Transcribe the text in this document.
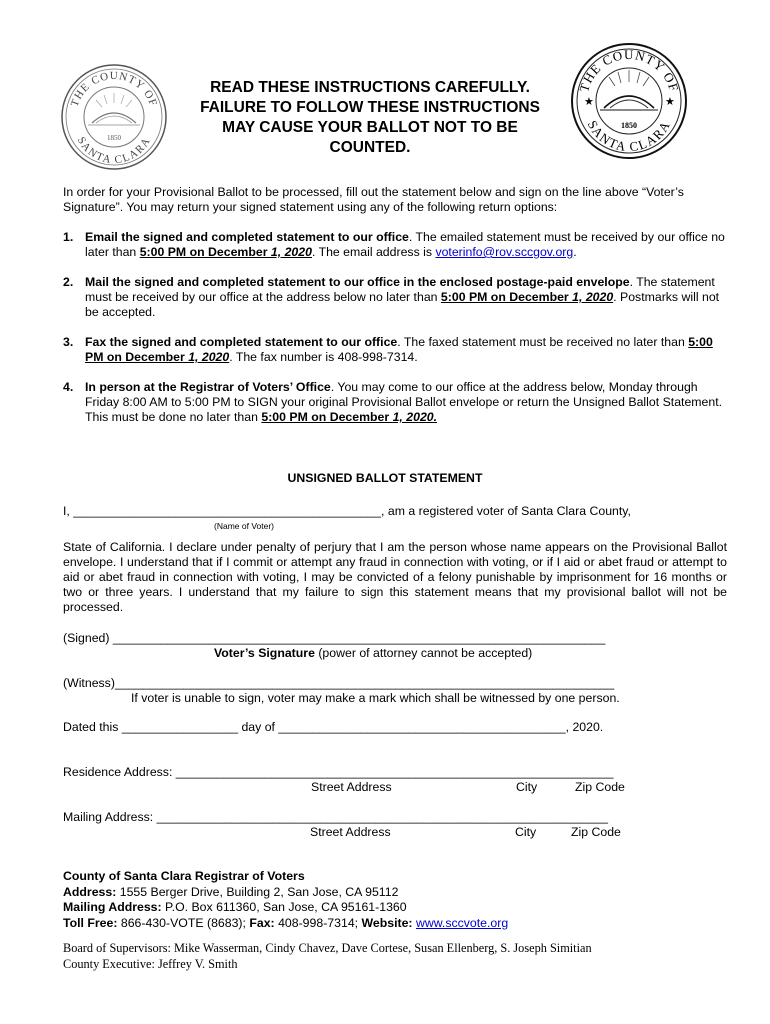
THE COUNTY OF
SANTA CLARA
1850
THE COUNTY OF
SANTA CLARA
★	★
1850
READ THESE INSTRUCTIONS CAREFULLY.
FAILURE TO FOLLOW THESE INSTRUCTIONS
MAY CAUSE YOUR BALLOT NOT TO BE
COUNTED.
In order for your Provisional Ballot to be processed, fill out the statement below and sign on the line above “Voter’s Signature”. You may return your signed statement using any of the following return options:
1. Email the signed and completed statement to our office. The emailed statement must be received by our office no later than 5:00 PM on December 1, 2020. The email address is voterinfo@rov.sccgov.org.
2. Mail the signed and completed statement to our office in the enclosed postage-paid envelope. The statement must be received by our office at the address below no later than 5:00 PM on December 1, 2020. Postmarks will not be accepted.
3. Fax the signed and completed statement to our office. The faxed statement must be received no later than 5:00 PM on December 1, 2020. The fax number is 408-998-7314.
4. In person at the Registrar of Voters’ Office. You may come to our office at the address below, Monday through Friday 8:00 AM to 5:00 PM to SIGN your original Provisional Ballot envelope or return the Unsigned Ballot Statement. This must be done no later than 5:00 PM on December 1, 2020.
UNSIGNED BALLOT STATEMENT
I, _____________________________________________, am a registered voter of Santa Clara County,
(Name of Voter)
State of California. I declare under penalty of perjury that I am the person whose name appears on the Provisional Ballot envelope. I understand that if I commit or attempt any fraud in connection with voting, or if I aid or abet fraud or attempt to aid or abet fraud in connection with voting, I may be convicted of a felony punishable by imprisonment for 16 months or two or three years. I understand that my failure to sign this statement means that my provisional ballot will not be processed.
(Signed) ________________________________________________________________________
Voter’s Signature (power of attorney cannot be accepted)
(Witness)_________________________________________________________________________
If voter is unable to sign, voter may make a mark which shall be witnessed by one person.
Dated this _________________ day of __________________________________________, 2020.
Residence Address: ________________________________________________________________
Street Address	City	Zip Code
Mailing Address: __________________________________________________________________
Street Address	City	Zip Code
County of Santa Clara Registrar of Voters
Address: 1555 Berger Drive, Building 2, San Jose, CA 95112
Mailing Address: P.O. Box 611360, San Jose, CA 95161-1360
Toll Free: 866-430-VOTE (8683); Fax: 408-998-7314; Website: www.sccvote.org
Board of Supervisors: Mike Wasserman, Cindy Chavez, Dave Cortese, Susan Ellenberg, S. Joseph Simitian
County Executive: Jeffrey V. Smith
